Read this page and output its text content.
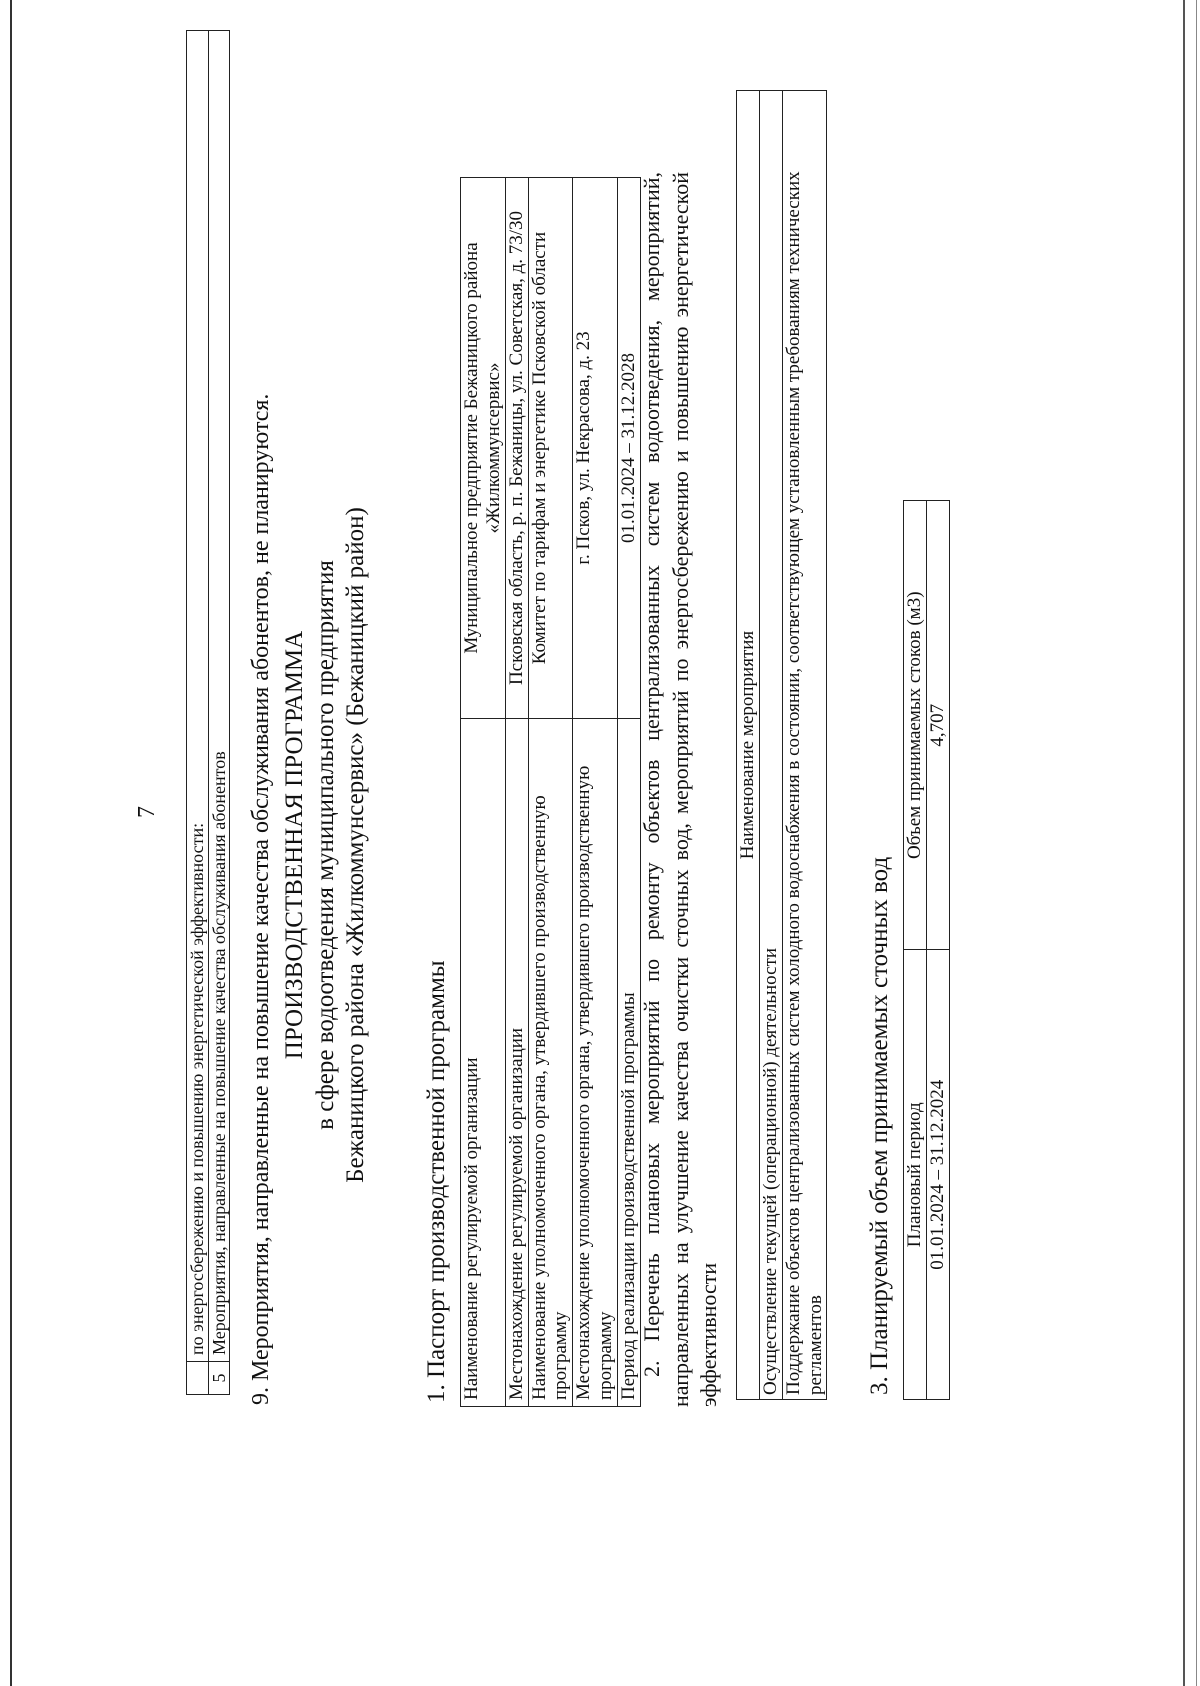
7
	по энергосбережению и повышению энергетической эффективности:
5	Мероприятия, направленные на повышение качества обслуживания абонентов 9. Мероприятия, направленные на повышение качества обслуживания абонентов, не планируются. ПРОИЗВОДСТВЕННАЯ ПРОГРАММА в сфере водоотведения муниципального предприятия Бежаницкого района «Жилкоммунсервис» (Бежаницкий район) 1. Паспорт производственной программы Наименование регулируемой организации	Муниципальное предприятие Бежаницкого района «Жилкоммунсервис»
Местонахождение регулируемой организации	Псковская область, р. п. Бежаницы, ул. Советская, д. 73/30
Наименование уполномоченного органа, утвердившего производственную программу	Комитет по тарифам и энергетике Псковской области
Местонахождение уполномоченного органа, утвердившего производственную программу	г. Псков, ул. Некрасова, д. 23
Период реализации производственной программы	01.01.2024 – 31.12.2028 2. Перечень плановых мероприятий по ремонту объектов централизованных систем водоотведения, мероприятий, направленных на улучшение качества очистки сточных вод, мероприятий по энергосбережению и повышению энергетической эффективности
Наименование мероприятия
Осуществление текущей (операционной) деятельности
Поддержание объектов централизованных систем холодного водоснабжения в состоянии, соответствующем установленным требованиям технических регламентов 3. Планируемый объем принимаемых сточных вод Плановый период	Объем принимаемых стоков (м3)
01.01.2024 – 31.12.2024	4,707
